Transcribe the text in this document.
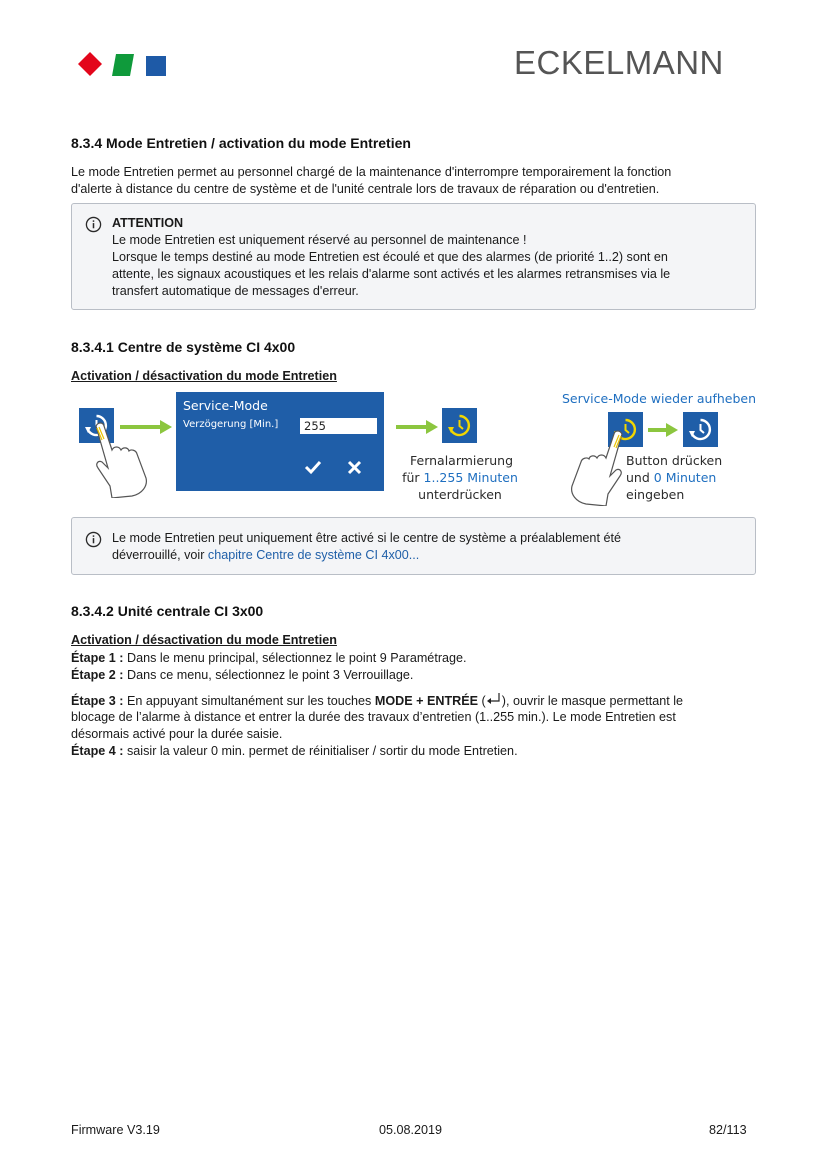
ECKELMANN
8.3.4 Mode Entretien / activation du mode Entretien

Le mode Entretien permet au personnel chargé de la maintenance d'interrompre temporairement la fonction

d'alerte à distance du centre de système et de l'unité centrale lors de travaux de réparation ou d'entretien.

ATTENTION
Le mode Entretien est uniquement réservé au personnel de maintenance !
Lorsque le temps destiné au mode Entretien est écoulé et que des alarmes (de priorité 1..2) sont en
attente, les signaux acoustiques et les relais d'alarme sont activés et les alarmes retransmises via le
transfert automatique de messages d'erreur.
8.3.4.1 Centre de système CI 4x00
Activation / désactivation du mode Entretien
Service-Mode
Verzögerung [Min.]	255
Fernalarmierung
für 1..255 Minuten
unterdrücken
Service-Mode wieder aufheben
Button drücken
und 0 Minuten
eingeben
Le mode Entretien peut uniquement être activé si le centre de système a préalablement été
déverrouillé, voir chapitre Centre de système CI 4x00...
8.3.4.2 Unité centrale CI 3x00
Activation / désactivation du mode Entretien
Étape 1 : Dans le menu principal, sélectionnez le point 9 Paramétrage.
Étape 2 : Dans ce menu, sélectionnez le point 3 Verrouillage.
Étape 3 : En appuyant simultanément sur les touches MODE + ENTRÉE ( ), ouvrir le masque permettant le
blocage de l’alarme à distance et entrer la durée des travaux d’entretien (1..255 min.). Le mode Entretien est
désormais activé pour la durée saisie.
Étape 4 : saisir la valeur 0 min. permet de réinitialiser / sortir du mode Entretien.
Firmware V3.19	05.08.2019	82/113
